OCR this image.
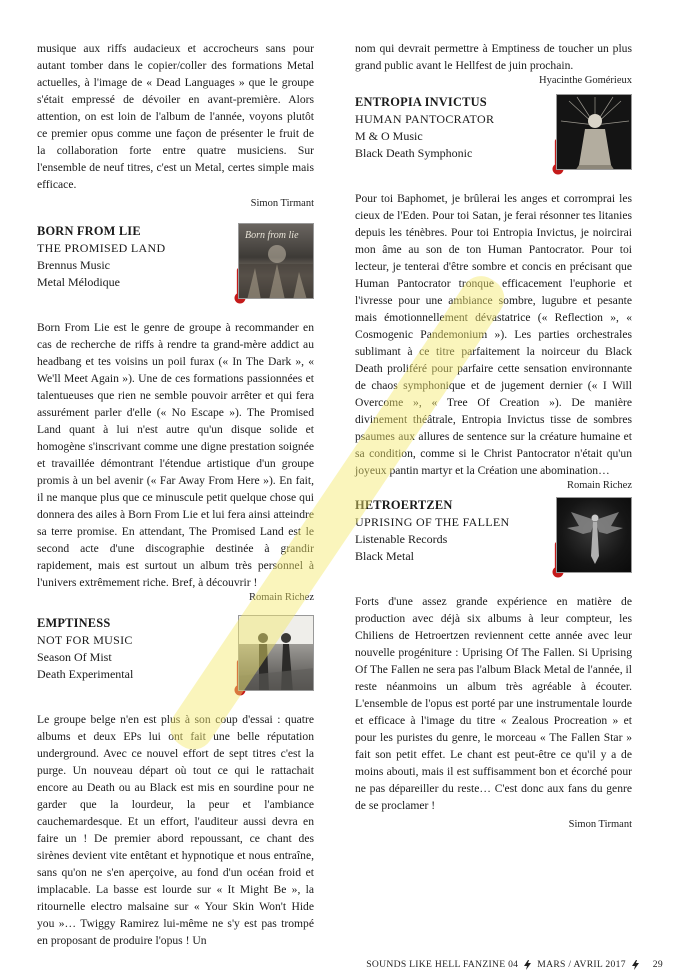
musique aux riffs audacieux et accrocheurs sans pour autant tomber dans le copier/coller des formations Metal actuelles, à l'image de « Dead Languages » que le groupe s'était empressé de dévoiler en avant-première. Alors attention, on est loin de l'album de l'année, voyons plutôt ce premier opus comme une façon de présenter le fruit de la collaboration forte entre quatre musiciens. Sur l'ensemble de neuf titres, c'est un Metal, certes simple mais efficace.

Simon Tirmant

BORN FROM LIE
THE PROMISED LAND
Brennus Music
Metal Mélodique
Born from lie

Born From Lie est le genre de groupe à recommander en cas de recherche de riffs à rendre ta grand-mère addict au headbang et tes voisins un poil furax (« In The Dark », « We'll Meet Again »). Une de ces formations passionnées et talentueuses que rien ne semble pouvoir arrêter et qui fera assurément parler d'elle (« No Escape »). The Promised Land quant à lui n'est autre qu'un disque solide et homogène s'inscrivant comme une digne prestation soignée et travaillée démontrant l'étendue artistique d'un groupe promis à un bel avenir (« Far Away From Here »). En fait, il ne manque plus que ce minuscule petit quelque chose qui donnera des ailes à Born From Lie et lui fera ainsi atteindre sa terre promise. En attendant, The Promised Land est le second acte d'une discographie destinée à grandir rapidement, mais est surtout un album très personnel à l'univers extrêmement riche. Bref, à découvrir !

Romain Richez

EMPTINESS
NOT FOR MUSIC
Season Of Mist
Death Experimental

Le groupe belge n'en est plus à son coup d'essai : quatre albums et deux EPs lui ont fait une belle réputation underground. Avec ce nouvel effort de sept titres c'est la purge. Un nouveau départ où tout ce qui le rattachait encore au Death ou au Black est mis en sourdine pour ne garder que la lourdeur, la peur et l'ambiance cauchemardesque. Et un effort, l'auditeur aussi devra en faire un ! De premier abord repoussant, ce chant des sirènes devient vite entêtant et hypnotique et nous entraîne, sans qu'on ne s'en aperçoive, au fond d'un océan froid et implacable. La basse est lourde sur « It Might Be », la ritournelle electro malsaine sur « Your Skin Won't Hide you »… Twiggy Ramirez lui-même ne s'y est pas trompé en proposant de produire l'opus ! Un

nom qui devrait permettre à Emptiness de toucher un plus grand public avant le Hellfest de juin prochain.

Hyacinthe Gomérieux

ENTROPIA INVICTUS
HUMAN PANTOCRATOR
M & O Music
Black Death Symphonic

Pour toi Baphomet, je brûlerai les anges et corromprai les cieux de l'Eden. Pour toi Satan, je ferai résonner tes litanies depuis les ténèbres. Pour toi Entropia Invictus, je noircirai mon âme au son de ton Human Pantocrator. Pour toi lecteur, je tenterai d'être sombre et concis en précisant que Human Pantocrator tronque efficacement l'euphorie et l'ivresse pour une ambiance sombre, lugubre et pesante mais émotionnellement dévastatrice (« Reflection », « Cosmogenic Pandemonium »). Les parties orchestrales sublimant à ce titre parfaitement la noirceur du Black Death proliféré pour parfaire cette sensation environnante de chaos symphonique et de jugement dernier (« I Will Overcome », « Tree Of Creation »). De manière divinement théâtrale, Entropia Invictus tisse de sombres psaumes aux allures de sentence sur la créature humaine et sa condition, comme si le Christ Pantocrator n'était qu'un joyeux pantin martyr et la Création une abomination…

Romain Richez

HETROERTZEN
UPRISING OF THE FALLEN
Listenable Records
Black Metal

Forts d'une assez grande expérience en matière de production avec déjà six albums à leur compteur, les Chiliens de Hetroertzen reviennent cette année avec leur nouvelle progéniture : Uprising Of The Fallen. Si Uprising Of The Fallen ne sera pas l'album Black Metal de l'année, il reste néanmoins un album très agréable à écouter. L'ensemble de l'opus est porté par une instrumentale lourde et efficace à l'image du titre « Zealous Procreation » et pour les puristes du genre, le morceau « The Fallen Star » fait son petit effet. Le chant est peut-être ce qu'il y a de moins abouti, mais il est suffisamment bon et écorché pour ne pas dépareiller du reste… C'est donc aux fans du genre de se proclamer !

Simon Tirmant

SOUNDS LIKE HELL FANZINE 04 MARS / AVRIL 2017	29
